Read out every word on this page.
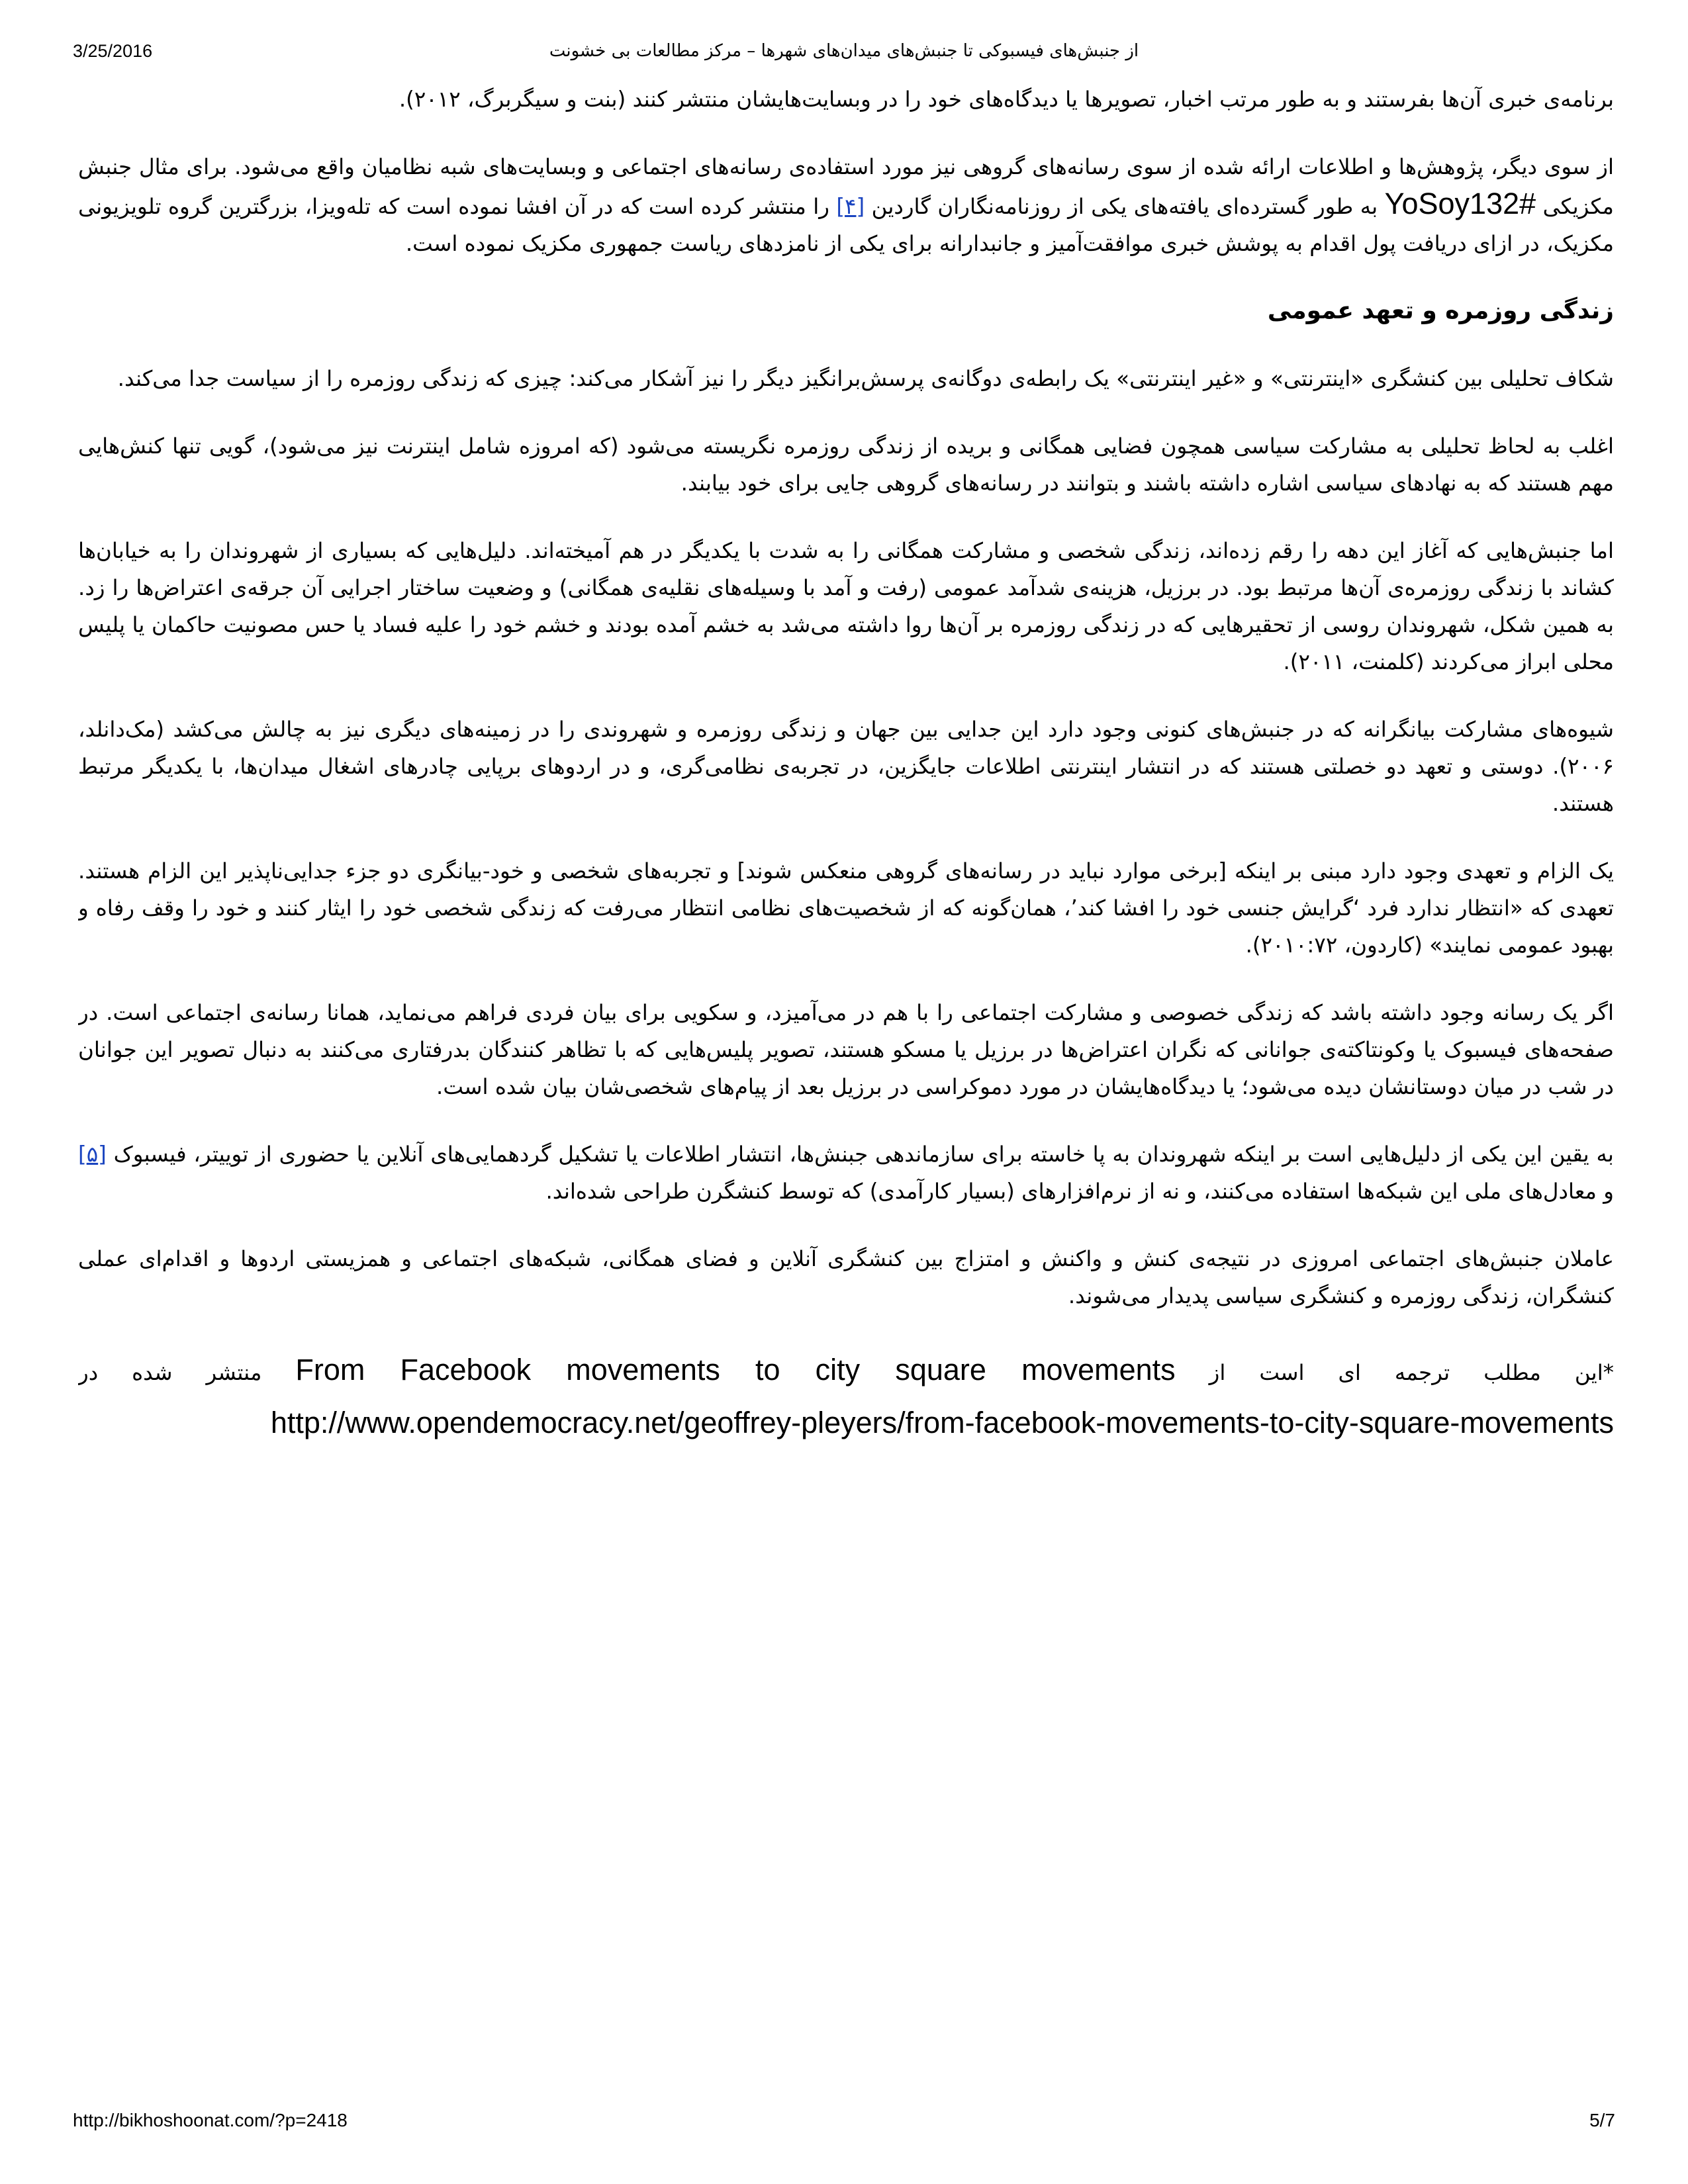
3/25/2016	از جنبش‌های فیسبوکی تا جنبش‌های میدان‌های شهرها – مرکز مطالعات بی خشونت

برنامه‌ی خبری آن‌ها بفرستند و به طور مرتب اخبار، تصویرها یا دیدگاه‌های خود را در وبسایت‌هایشان منتشر کنند (بنت و سیگربرگ، ۲۰۱۲).

از سوی دیگر، پژوهش‌ها و اطلاعات ارائه شده از سوی رسانه‌های گروهی نیز مورد استفاده‌ی رسانه‌های اجتماعی و وبسایت‌های شبه نظامیان واقع می‌شود. برای مثال جنبش مکزیکی YoSoy132# به طور گسترده‌ای یافته‌های یکی از روزنامه‌نگاران گاردین [۴] را منتشر کرده است که در آن افشا نموده است که تله‌ویزا، بزرگترین گروه تلویزیونی مکزیک، در ازای دریافت پول اقدام به پوشش خبری موافقت‌آمیز و جانبدارانه برای یکی از نامزدهای ریاست جمهوری مکزیک نموده است.

زندگی روزمره و تعهد عمومی

شکاف تحلیلی بین کنشگری «اینترنتی» و «غیر اینترنتی» یک رابطه‌ی دوگانه‌ی پرسش‌برانگیز دیگر را نیز آشکار می‌کند: چیزی که زندگی روزمره را از سیاست جدا می‌کند.

اغلب به لحاظ تحلیلی به مشارکت سیاسی همچون فضایی همگانی و بریده از زندگی روزمره نگریسته می‌شود (که امروزه شامل اینترنت نیز می‌شود)، گویی تنها کنش‌هایی مهم هستند که به نهادهای سیاسی اشاره داشته باشند و بتوانند در رسانه‌های گروهی جایی برای خود بیابند.

اما جنبش‌هایی که آغاز این دهه را رقم زده‌اند، زندگی شخصی و مشارکت همگانی را به شدت با یکدیگر در هم آمیخته‌اند. دلیل‌هایی که بسیاری از شهروندان را به خیابان‌ها کشاند با زندگی روزمره‌ی آن‌ها مرتبط بود. در برزیل، هزینه‌ی شدآمد عمومی (رفت و آمد با وسیله‌های نقلیه‌ی همگانی) و وضعیت ساختار اجرایی آن جرقه‌ی اعتراض‌ها را زد. به همین شکل، شهروندان روسی از تحقیرهایی که در زندگی روزمره بر آن‌ها روا داشته می‌شد به خشم آمده بودند و خشم خود را علیه فساد یا حس مصونیت حاکمان یا پلیس محلی ابراز می‌کردند (کلمنت، ۲۰۱۱).

شیوه‌های مشارکت بیانگرانه که در جنبش‌های کنونی وجود دارد این جدایی بین جهان و زندگی روزمره و شهروندی را در زمینه‌های دیگری نیز به چالش می‌کشد (مک‌دانلد، ۲۰۰۶). دوستی و تعهد دو خصلتی هستند که در انتشار اینترنتی اطلاعات جایگزین، در تجربه‌ی نظامی‌گری، و در اردوهای برپایی چادرهای اشغال میدان‌ها، با یکدیگر مرتبط هستند.

یک الزام و تعهدی وجود دارد مبنی بر اینکه [برخی موارد نباید در رسانه‌های گروهی منعکس شوند] و تجربه‌های شخصی و خود-بیانگری دو جزء جدایی‌ناپذیر این الزام هستند. تعهدی که «انتظار ندارد فرد ‘گرایش جنسی خود را افشا کند’، همان‌گونه که از شخصیت‌های نظامی انتظار می‌رفت که زندگی شخصی خود را ایثار کنند و خود را وقف رفاه و بهبود عمومی نمایند» (کاردون، ۲۰۱۰:۷۲).

اگر یک رسانه وجود داشته باشد که زندگی خصوصی و مشارکت اجتماعی را با هم در می‌آمیزد، و سکویی برای بیان فردی فراهم می‌نماید، همانا رسانه‌ی اجتماعی است. در صفحه‌های فیسبوک یا وکونتاکته‌ی جوانانی که نگران اعتراض‌ها در برزیل یا مسکو هستند، تصویر پلیس‌هایی که با تظاهر کنندگان بدرفتاری می‌کنند به دنبال تصویر این جوانان در شب در میان دوستانشان دیده می‌شود؛ یا دیدگاه‌هایشان در مورد دموکراسی در برزیل بعد از پیام‌های شخصی‌شان بیان شده است.

به یقین این یکی از دلیل‌هایی است بر اینکه شهروندان به پا خاسته برای سازماندهی جبنش‌ها، انتشار اطلاعات یا تشکیل گردهمایی‌های آنلاین یا حضوری از توییتر، فیسبوک [۵] و معادل‌های ملی این شبکه‌ها استفاده می‌کنند، و نه از نرم‌افزارهای (بسیار کارآمدی) که توسط کنشگرن طراحی شده‌اند.

عاملان جنبش‌های اجتماعی امروزی در نتیجه‌ی کنش و واکنش و امتزاج بین کنشگری آنلاین و فضای همگانی، شبکه‌های اجتماعی و همزیستی اردوها و اقدام‌ای عملی کنشگران، زندگی روزمره و کنشگری سیاسی پدیدار می‌شوند.

*این مطلب ترجمه ای است از From Facebook movements to city square movements منتشر شده در http://www.opendemocracy.net/geoffrey-pleyers/from-facebook-movements-to-city-square-movements

http://bikhoshoonat.com/?p=2418	5/7
